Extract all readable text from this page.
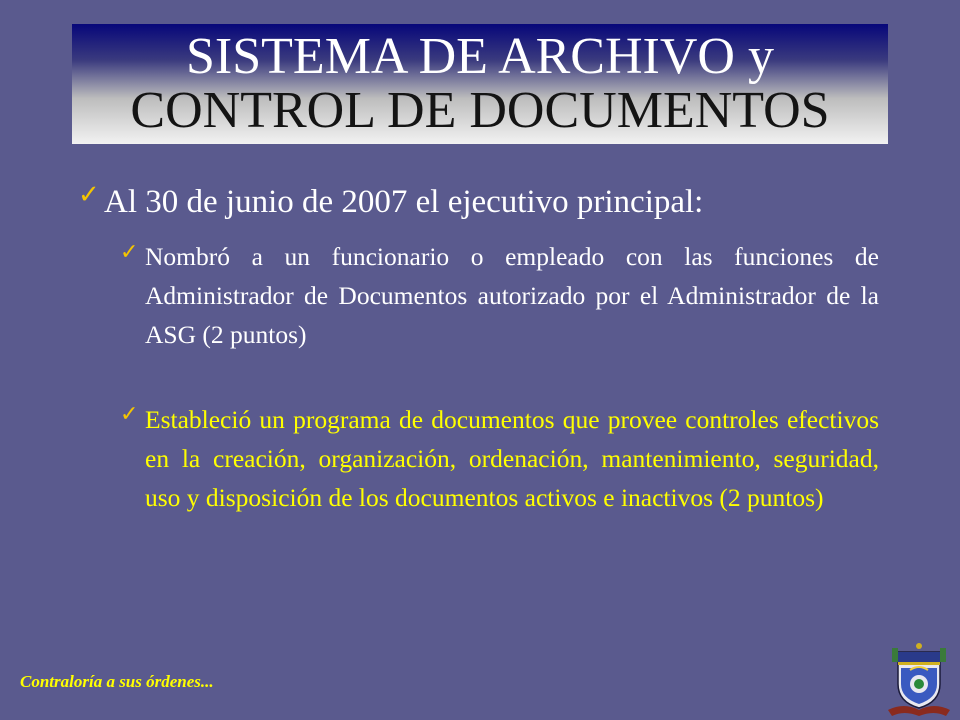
SISTEMA DE ARCHIVO y
CONTROL DE DOCUMENTOS
✓ Al 30 de junio de 2007 el ejecutivo principal:
✓ Nombró a un funcionario o empleado con las funciones de Administrador de Documentos autorizado por el Administrador de la ASG (2 puntos)
✓ Estableció un programa de documentos que provee controles efectivos en la creación, organización, ordenación, mantenimiento, seguridad, uso y disposición de los documentos activos e inactivos (2 puntos)
Contraloría a sus órdenes...
